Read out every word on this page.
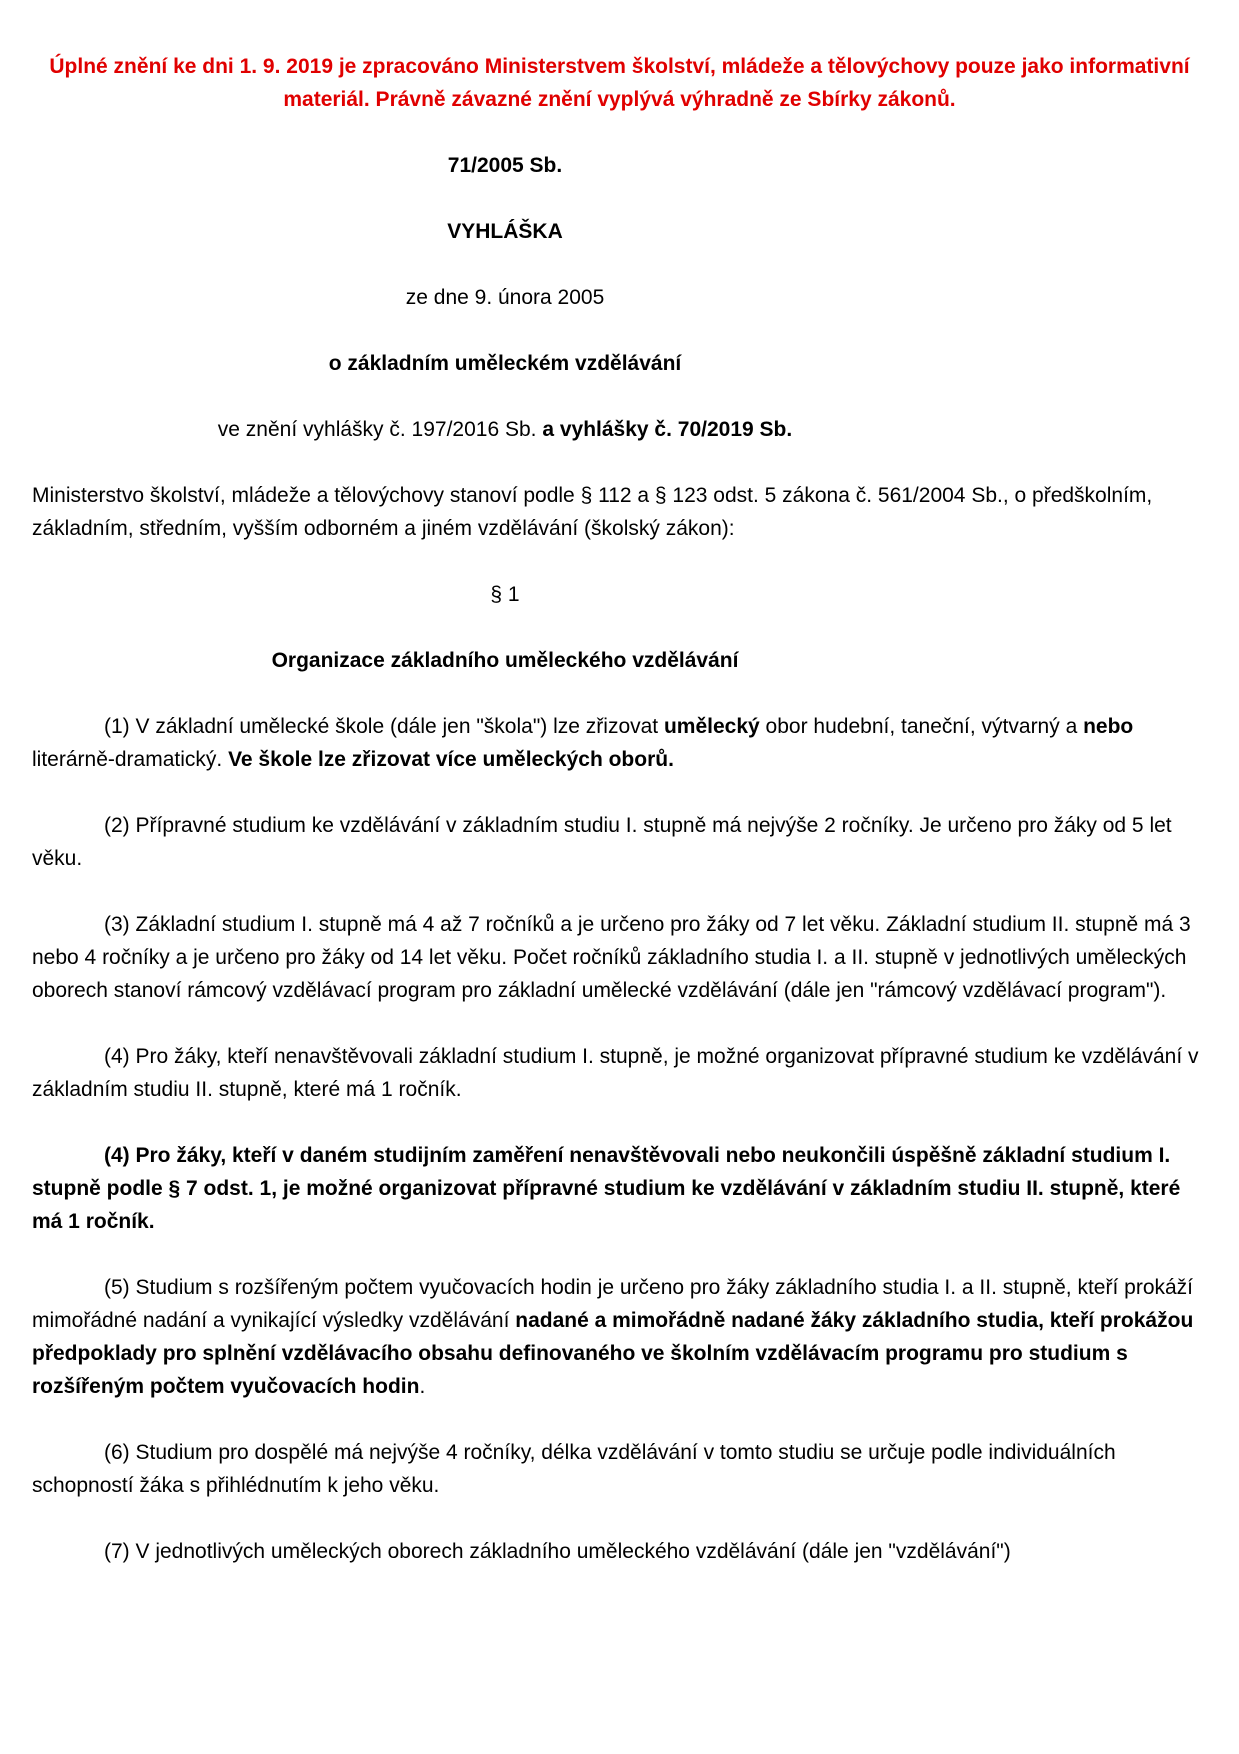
Úplné znění ke dni 1. 9. 2019 je zpracováno Ministerstvem školství, mládeže a tělovýchovy pouze jako informativní materiál. Právně závazné znění vyplývá výhradně ze Sbírky zákonů.

71/2005 Sb.

VYHLÁŠKA

ze dne 9. února 2005

o základním uměleckém vzdělávání

ve znění vyhlášky č. 197/2016 Sb. a vyhlášky č. 70/2019 Sb.

Ministerstvo školství, mládeže a tělovýchovy stanoví podle § 112 a § 123 odst. 5 zákona č. 561/2004 Sb., o předškolním, základním, středním, vyšším odborném a jiném vzdělávání (školský zákon):

§ 1

Organizace základního uměleckého vzdělávání

(1) V základní umělecké škole (dále jen "škola") lze zřizovat umělecký obor hudební, taneční, výtvarný a nebo literárně-dramatický. Ve škole lze zřizovat více uměleckých oborů.

(2) Přípravné studium ke vzdělávání v základním studiu I. stupně má nejvýše 2 ročníky. Je určeno pro žáky od 5 let věku.

(3) Základní studium I. stupně má 4 až 7 ročníků a je určeno pro žáky od 7 let věku. Základní studium II. stupně má 3 nebo 4 ročníky a je určeno pro žáky od 14 let věku. Počet ročníků základního studia I. a II. stupně v jednotlivých uměleckých oborech stanoví rámcový vzdělávací program pro základní umělecké vzdělávání (dále jen "rámcový vzdělávací program").

(4) Pro žáky, kteří nenavštěvovali základní studium I. stupně, je možné organizovat přípravné studium ke vzdělávání v základním studiu II. stupně, které má 1 ročník.

(4) Pro žáky, kteří v daném studijním zaměření nenavštěvovali nebo neukončili úspěšně základní studium I. stupně podle § 7 odst. 1, je možné organizovat přípravné studium ke vzdělávání v základním studiu II. stupně, které má 1 ročník.

(5) Studium s rozšířeným počtem vyučovacích hodin je určeno pro žáky základního studia I. a II. stupně, kteří prokáží mimořádné nadání a vynikající výsledky vzdělávání nadané a mimořádně nadané žáky základního studia, kteří prokážou předpoklady pro splnění vzdělávacího obsahu definovaného ve školním vzdělávacím programu pro studium s rozšířeným počtem vyučovacích hodin.

(6) Studium pro dospělé má nejvýše 4 ročníky, délka vzdělávání v tomto studiu se určuje podle individuálních schopností žáka s přihlédnutím k jeho věku.

(7) V jednotlivých uměleckých oborech základního uměleckého vzdělávání (dále jen "vzdělávání")
